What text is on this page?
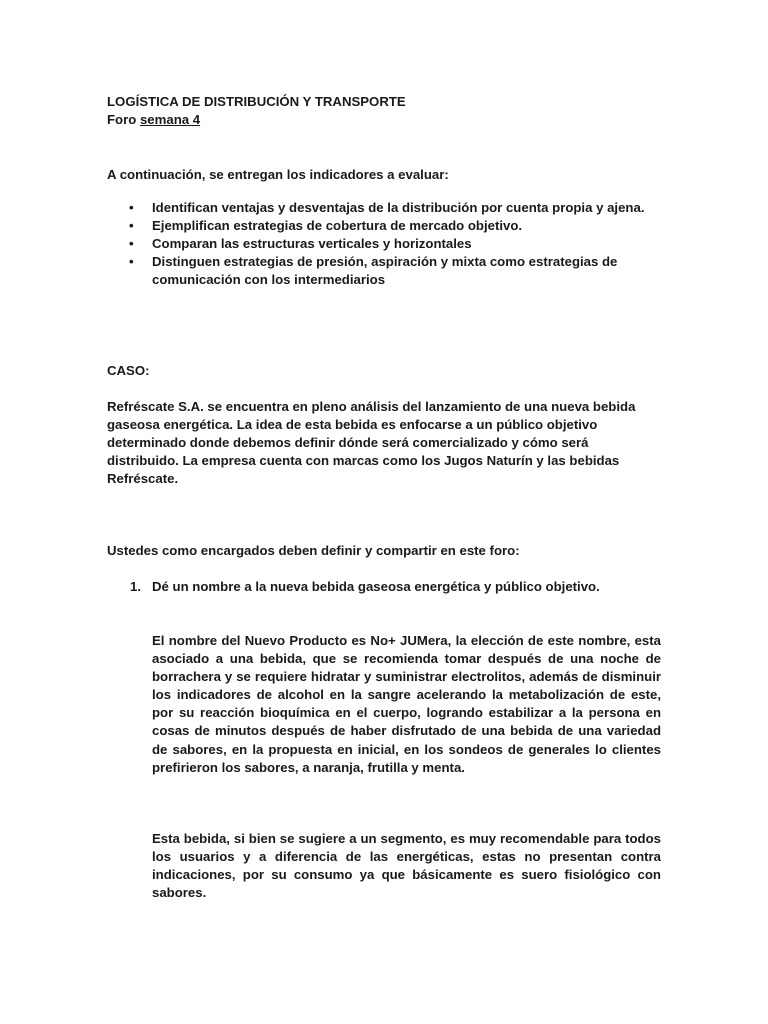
LOGÍSTICA DE DISTRIBUCIÓN Y TRANSPORTE
Foro semana 4
A continuación, se entregan los indicadores a evaluar:
• Identifican ventajas y desventajas de la distribución por cuenta propia y ajena.
• Ejemplifican estrategias de cobertura de mercado objetivo.
• Comparan las estructuras verticales y horizontales
• Distinguen estrategias de presión, aspiración y mixta como estrategias de comunicación con los intermediarios
CASO:
Refréscate S.A. se encuentra en pleno análisis del lanzamiento de una nueva bebida gaseosa energética. La idea de esta bebida es enfocarse a un público objetivo determinado donde debemos definir dónde será comercializado y cómo será distribuido. La empresa cuenta con marcas como los Jugos Naturín y las bebidas Refréscate.
Ustedes como encargados deben definir y compartir en este foro:
1. Dé un nombre a la nueva bebida gaseosa energética y público objetivo.
El nombre del Nuevo Producto es No+ JUMera, la elección de este nombre, esta asociado a una bebida, que se recomienda tomar después de una noche de borrachera y se requiere hidratar y suministrar electrolitos, además de disminuir los indicadores de alcohol en la sangre acelerando la metabolización de este, por su reacción bioquímica en el cuerpo, logrando estabilizar a la persona en cosas de minutos después de haber disfrutado de una bebida de una variedad de sabores, en la propuesta en inicial, en los sondeos de generales lo clientes prefirieron los sabores, a naranja, frutilla y menta.
Esta bebida, si bien se sugiere a un segmento, es muy recomendable para todos los usuarios y a diferencia de las energéticas, estas no presentan contra indicaciones, por su consumo ya que básicamente es suero fisiológico con sabores.
